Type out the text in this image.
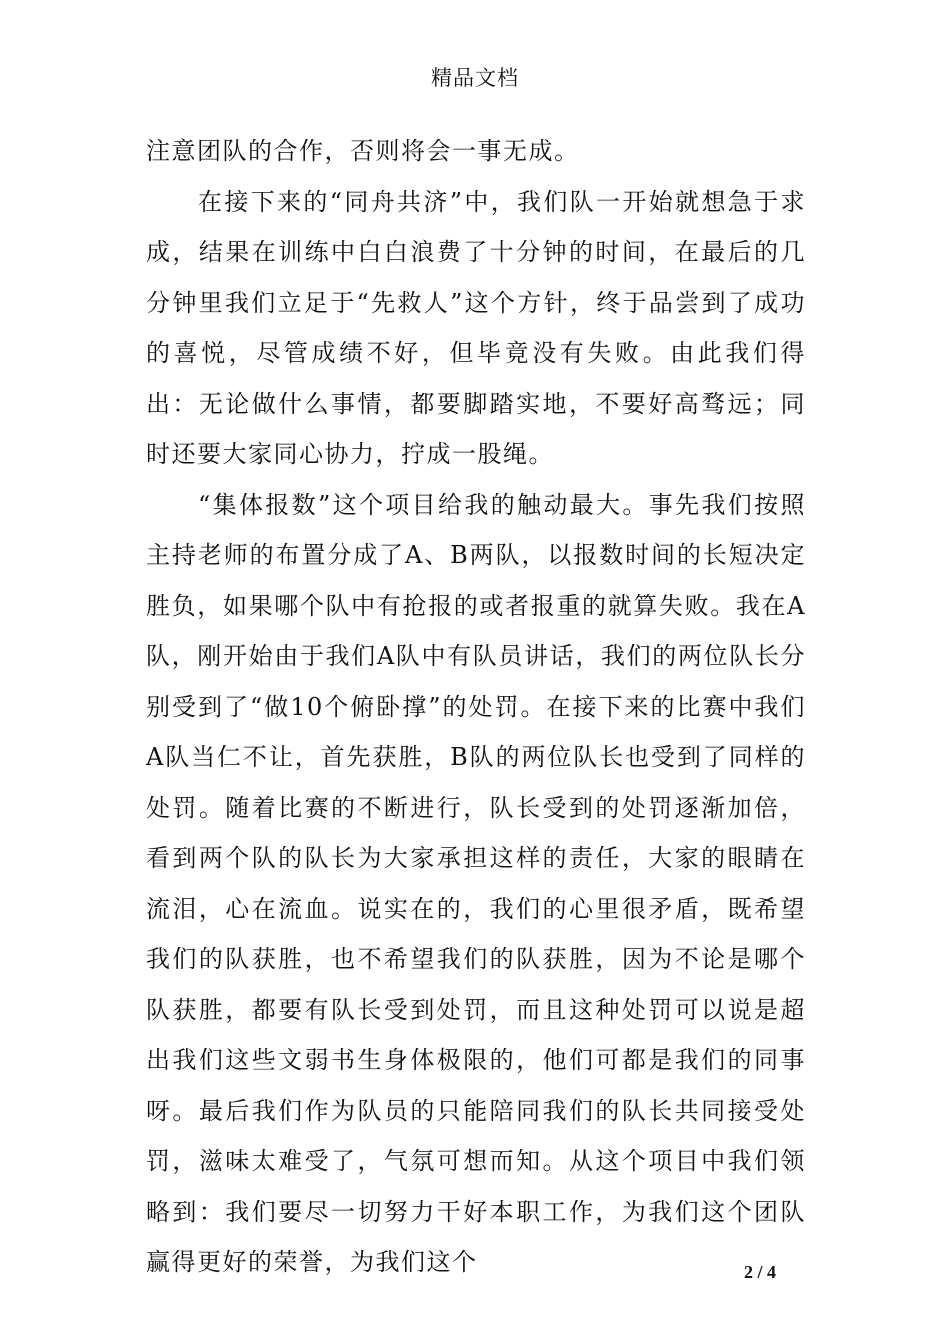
精品文档

注意团队的合作，否则将会一事无成。

在接下来的“同舟共济”中，我们队一开始就想急于求成，结果在训练中白白浪费了十分钟的时间，在最后的几分钟里我们立足于“先救人”这个方针，终于品尝到了成功的喜悦，尽管成绩不好，但毕竟没有失败。由此我们得出：无论做什么事情，都要脚踏实地，不要好高骛远；同时还要大家同心协力，拧成一股绳。

“集体报数”这个项目给我的触动最大。事先我们按照主持老师的布置分成了A、B两队，以报数时间的长短决定胜负，如果哪个队中有抢报的或者报重的就算失败。我在A队，刚开始由于我们A队中有队员讲话，我们的两位队长分别受到了“做10个俯卧撑”的处罚。在接下来的比赛中我们A队当仁不让，首先获胜，B队的两位队长也受到了同样的处罚。随着比赛的不断进行，队长受到的处罚逐渐加倍，看到两个队的队长为大家承担这样的责任，大家的眼睛在流泪，心在流血。说实在的，我们的心里很矛盾，既希望我们的队获胜，也不希望我们的队获胜，因为不论是哪个队获胜，都要有队长受到处罚，而且这种处罚可以说是超出我们这些文弱书生身体极限的，他们可都是我们的同事呀。最后我们作为队员的只能陪同我们的队长共同接受处罚，滋味太难受了，气氛可想而知。从这个项目中我们领略到：我们要尽一切努力干好本职工作，为我们这个团队赢得更好的荣誉，为我们这个	2 / 4
